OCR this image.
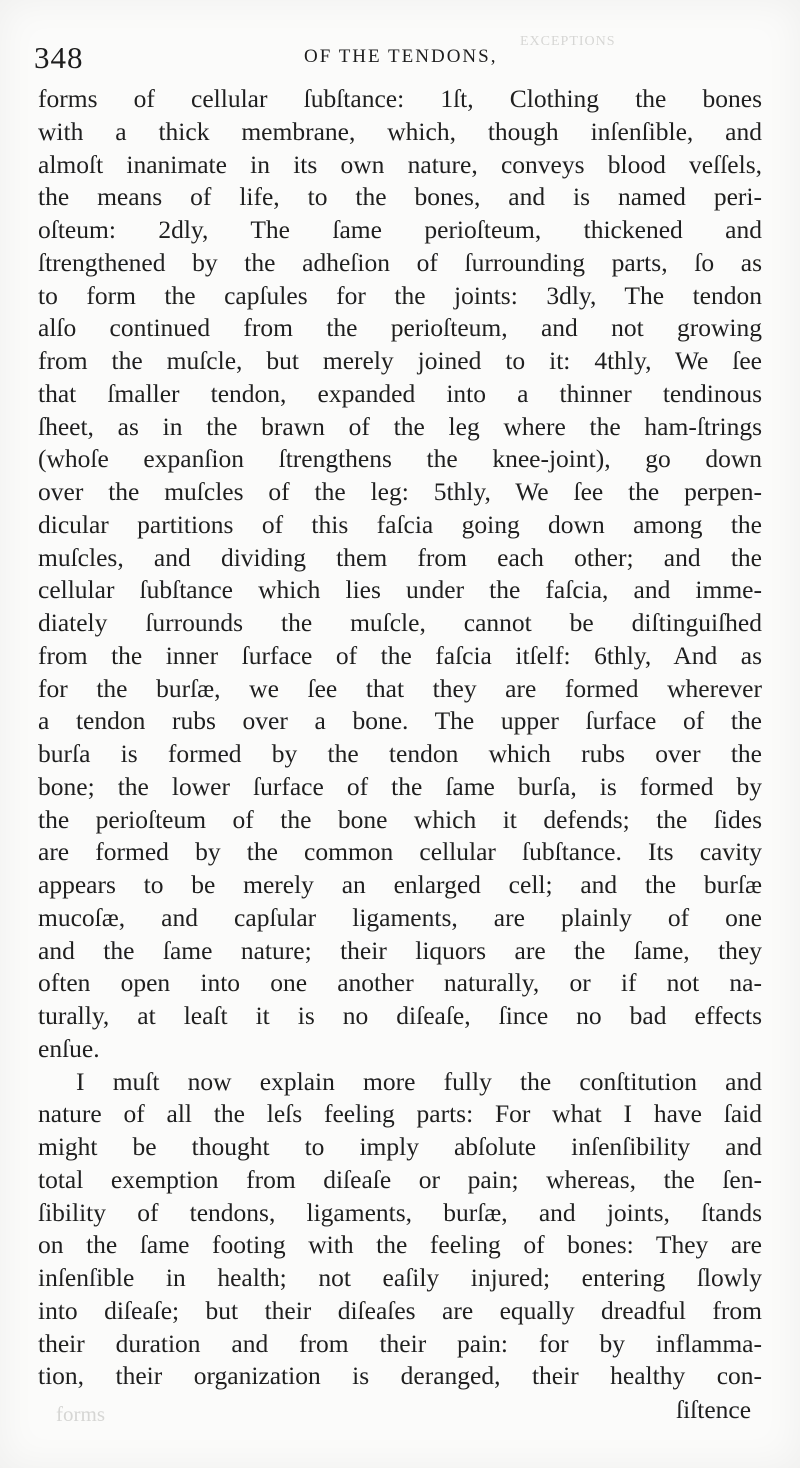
EXCEPTIONS
348	OF THE TENDONS,
forms of cellular ſubſtance: 1ſt, Clothing the bones
with a thick membrane, which, though inſenſible, and
almoſt inanimate in its own nature, conveys blood veſſels,
the means of life, to the bones, and is named peri-
oſteum: 2dly, The ſame perioſteum, thickened and
ſtrengthened by the adheſion of ſurrounding parts, ſo as
to form the capſules for the joints: 3dly, The tendon
alſo continued from the perioſteum, and not growing
from the muſcle, but merely joined to it: 4thly, We ſee
that ſmaller tendon, expanded into a thinner tendinous
ſheet, as in the brawn of the leg where the ham-ſtrings
(whoſe expanſion ſtrengthens the knee-joint), go down
over the muſcles of the leg: 5thly, We ſee the perpen-
dicular partitions of this faſcia going down among the
muſcles, and dividing them from each other; and the
cellular ſubſtance which lies under the faſcia, and imme-
diately ſurrounds the muſcle, cannot be diſtinguiſhed
from the inner ſurface of the faſcia itſelf: 6thly, And as
for the burſæ, we ſee that they are formed wherever
a tendon rubs over a bone. The upper ſurface of the
burſa is formed by the tendon which rubs over the
bone; the lower ſurface of the ſame burſa, is formed by
the perioſteum of the bone which it defends; the ſides
are formed by the common cellular ſubſtance. Its cavity
appears to be merely an enlarged cell; and the burſæ
mucoſæ, and capſular ligaments, are plainly of one
and the ſame nature; their liquors are the ſame, they
often open into one another naturally, or if not na-
turally, at leaſt it is no diſeaſe, ſince no bad effects
enſue.
I muſt now explain more fully the conſtitution and
nature of all the leſs feeling parts: For what I have ſaid
might be thought to imply abſolute inſenſibility and
total exemption from diſeaſe or pain; whereas, the ſen-
ſibility of tendons, ligaments, burſæ, and joints, ſtands
on the ſame footing with the feeling of bones: They are
inſenſible in health; not eaſily injured; entering ſlowly
into diſeaſe; but their diſeaſes are equally dreadful from
their duration and from their pain: for by inflamma-
tion, their organization is deranged, their healthy con-
forms	ſiſtence
